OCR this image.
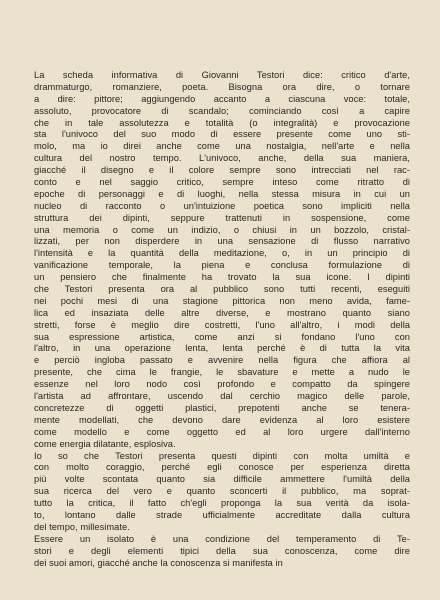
La scheda informativa di Giovanni Testori dice: critico d'arte,
drammaturgo, romanziere, poeta. Bisogna ora dire, o tornare
a dire: pittore; aggiungendo accanto a ciascuna voce: totale,
assoluto, provocatore di scandalo; cominciando così a capire
che in tale assolutezza e totalità (o integralità) e provocazione
sta l'univoco del suo modo di essere presente come uno sti-
molo, ma io direi anche come una nostalgia, nell'arte e nella
cultura del nostro tempo. L'univoco, anche, della sua maniera,
giacché il disegno e il colore sempre sono intrecciati nel rac-
conto e nel saggio critico, sempre inteso come ritratto di
epoche di personaggi e di luoghi, nella stessa misura in cui un
nucleo di racconto o un'intuizione poetica sono impliciti nella
struttura dei dipinti, seppure trattenuti in sospensione, come
una memoria o come un indizio, o chiusi in un bozzolo, cristal-
lizzati, per non disperdere in una sensazione di flusso narrativo
l'intensità e la quantità della meditazione, o, in un principio di
vanificazione temporale, la piena e conclusa formulazione di
un pensiero che finalmente ha trovato la sua icone. I dipinti
che Testori presenta ora al pubblico sono tutti recenti, eseguiti
nei pochi mesi di una stagione pittorica non meno avida, fame-
lica ed insaziata delle altre diverse, e mostrano quanto siano
stretti, forse è meglio dire costretti, l'uno all'altro, i modi della
sua espressione artistica, come anzi si fondano l'uno con
l'altro, in una operazione lenta, lenta perché è di tutta la vita
e perciò ingloba passato e avvenire nella figura che affiora al
presente, che cima le frangie, le sbavature e mette a nudo le
essenze nel loro nodo così profondo e compatto da spingere
l'artista ad affrontare, uscendo dal cerchio magico delle parole,
concretezze di oggetti plastici, prepotenti anche se tenera-
mente modellati, che devono dare evidenza al loro esistere
come modello e come oggetto ed al loro urgere dall'interno
come energia dilatante, esplosiva.
Io so che Testori presenta questi dipinti con molta umiltà e
con molto coraggio, perché egli conosce per esperienza diretta
più volte scontata quanto sia difficile ammettere l'umiltà della
sua ricerca del vero e quanto sconcerti il pubblico, ma soprat-
tutto la critica, il fatto ch'egli proponga la sua verità da isola-
to, lontano dalle strade ufficialmente accreditate dalla cultura
del tempo, millesimate.
Essere un isolato è una condizione del temperamento di Te-
stori e degli elementi tipici della sua conoscenza, come dire
dei suoi amori, giacché anche la conoscenza si manifesta in
